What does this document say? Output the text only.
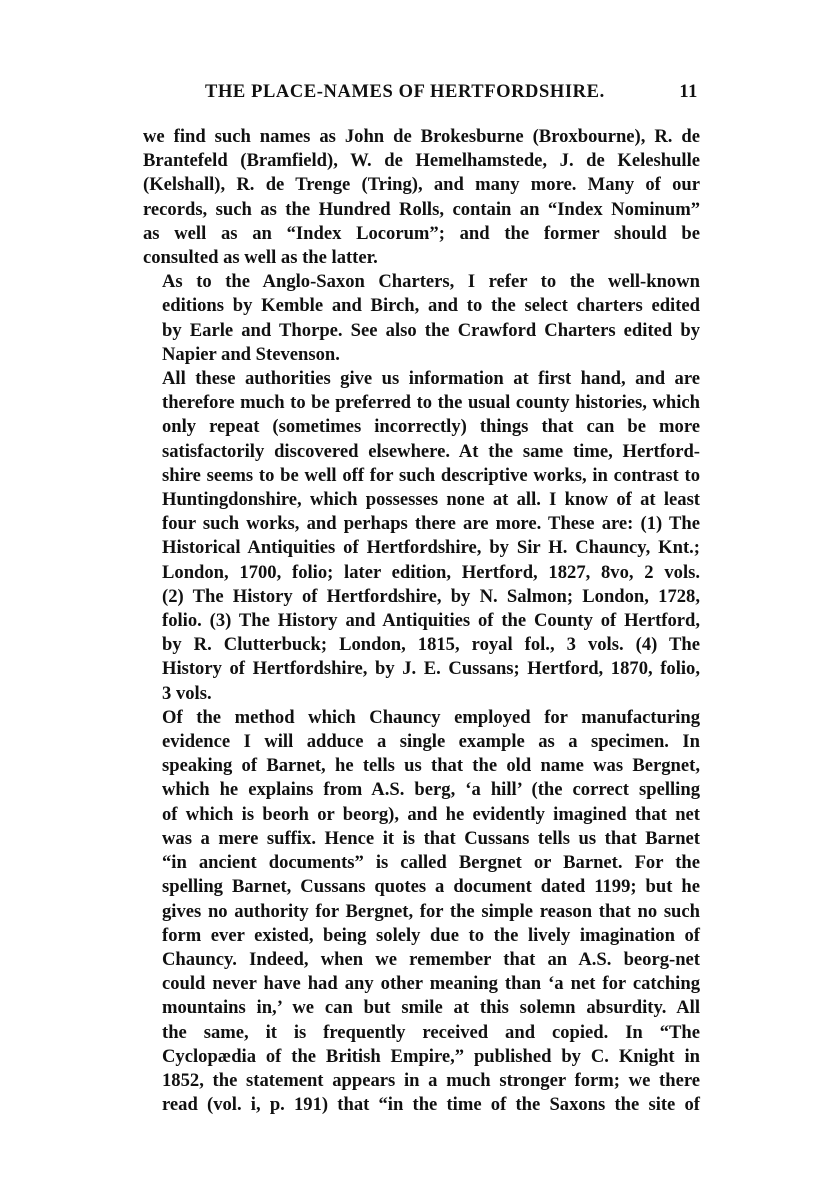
THE PLACE-NAMES OF HERTFORDSHIRE.	11
we find such names as John de Brokesburne (Broxbourne), R. de
Brantefeld (Bramfield), W. de Hemelhamstede, J. de Keleshulle
(Kelshall), R. de Trenge (Tring), and many more. Many of our
records, such as the Hundred Rolls, contain an “Index Nominum”
as well as an “Index Locorum”; and the former should be
consulted as well as the latter.
As to the Anglo-Saxon Charters, I refer to the well-known
editions by Kemble and Birch, and to the select charters edited
by Earle and Thorpe. See also the Crawford Charters edited by
Napier and Stevenson.
All these authorities give us information at first hand, and are
therefore much to be preferred to the usual county histories, which
only repeat (sometimes incorrectly) things that can be more
satisfactorily discovered elsewhere. At the same time, Hertford-
shire seems to be well off for such descriptive works, in contrast to
Huntingdonshire, which possesses none at all. I know of at least
four such works, and perhaps there are more. These are: (1) The
Historical Antiquities of Hertfordshire, by Sir H. Chauncy, Knt.;
London, 1700, folio; later edition, Hertford, 1827, 8vo, 2 vols.
(2) The History of Hertfordshire, by N. Salmon; London, 1728,
folio. (3) The History and Antiquities of the County of Hertford,
by R. Clutterbuck; London, 1815, royal fol., 3 vols. (4) The
History of Hertfordshire, by J. E. Cussans; Hertford, 1870, folio,
3 vols.
Of the method which Chauncy employed for manufacturing
evidence I will adduce a single example as a specimen. In
speaking of Barnet, he tells us that the old name was Bergnet,
which he explains from A.S. berg, ‘a hill’ (the correct spelling
of which is beorh or beorg), and he evidently imagined that net
was a mere suffix. Hence it is that Cussans tells us that Barnet
“in ancient documents” is called Bergnet or Barnet. For the
spelling Barnet, Cussans quotes a document dated 1199; but he
gives no authority for Bergnet, for the simple reason that no such
form ever existed, being solely due to the lively imagination of
Chauncy. Indeed, when we remember that an A.S. beorg-net
could never have had any other meaning than ‘a net for catching
mountains in,’ we can but smile at this solemn absurdity. All
the same, it is frequently received and copied. In “The
Cyclopædia of the British Empire,” published by C. Knight in
1852, the statement appears in a much stronger form; we there
read (vol. i, p. 191) that “in the time of the Saxons the site of
